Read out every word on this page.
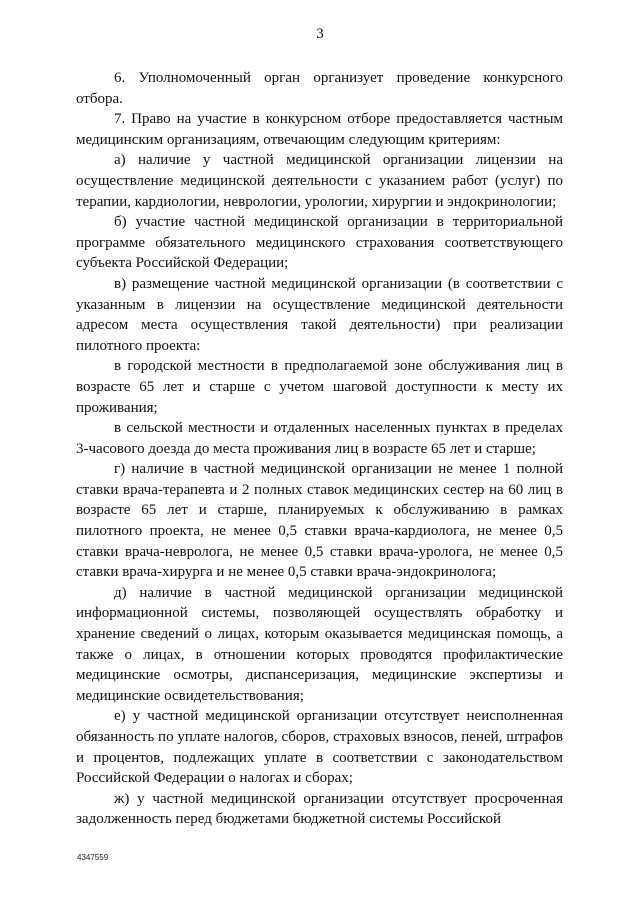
3

6. Уполномоченный орган организует проведение конкурсного отбора.

7. Право на участие в конкурсном отборе предоставляется частным медицинским организациям, отвечающим следующим критериям:

а) наличие у частной медицинской организации лицензии на осуществление медицинской деятельности с указанием работ (услуг) по терапии, кардиологии, неврологии, урологии, хирургии и эндокринологии;

б) участие частной медицинской организации в территориальной программе обязательного медицинского страхования соответствующего субъекта Российской Федерации;

в) размещение частной медицинской организации (в соответствии с указанным в лицензии на осуществление медицинской деятельности адресом места осуществления такой деятельности) при реализации пилотного проекта:

в городской местности в предполагаемой зоне обслуживания лиц в возрасте 65 лет и старше с учетом шаговой доступности к месту их проживания;

в сельской местности и отдаленных населенных пунктах в пределах 3-часового доезда до места проживания лиц в возрасте 65 лет и старше;

г) наличие в частной медицинской организации не менее 1 полной ставки врача-терапевта и 2 полных ставок медицинских сестер на 60 лиц в возрасте 65 лет и старше, планируемых к обслуживанию в рамках пилотного проекта, не менее 0,5 ставки врача-кардиолога, не менее 0,5 ставки врача-невролога, не менее 0,5 ставки врача-уролога, не менее 0,5 ставки врача-хирурга и не менее 0,5 ставки врача-эндокринолога;

д) наличие в частной медицинской организации медицинской информационной системы, позволяющей осуществлять обработку и хранение сведений о лицах, которым оказывается медицинская помощь, а также о лицах, в отношении которых проводятся профилактические медицинские осмотры, диспансеризация, медицинские экспертизы и медицинские освидетельствования;

е) у частной медицинской организации отсутствует неисполненная обязанность по уплате налогов, сборов, страховых взносов, пеней, штрафов и процентов, подлежащих уплате в соответствии с законодательством Российской Федерации о налогах и сборах;

ж) у частной медицинской организации отсутствует просроченная задолженность перед бюджетами бюджетной системы Российской

4347559
